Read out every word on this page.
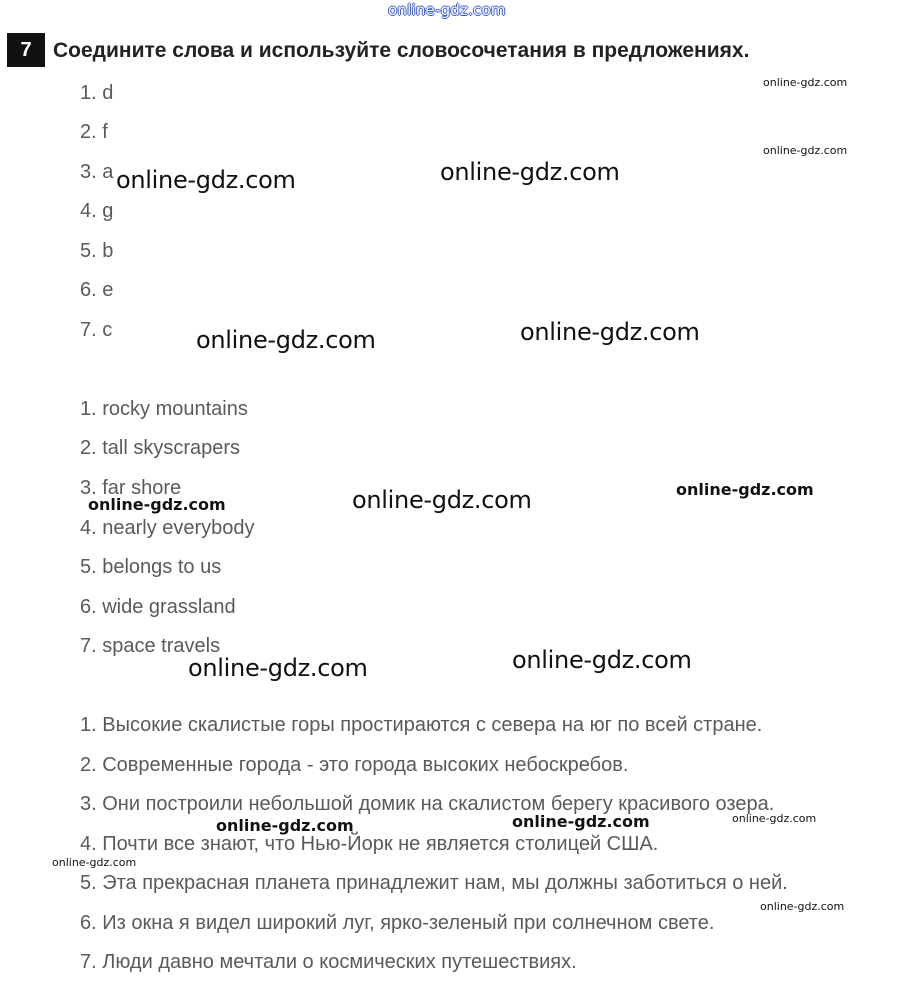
online-gdz.com
7	Соедините слова и используйте словосочетания в предложениях.
1. d
2. f
3. a
4. g
5. b
6. e
7. c
1. rocky mountains
2. tall skyscrapers
3. far shore
4. nearly everybody
5. belongs to us
6. wide grassland
7. space travels
1. Высокие скалистые горы простираются с севера на юг по всей стране.
2. Современные города - это города высоких небоскребов.
3. Они построили небольшой домик на скалистом берегу красивого озера.
4. Почти все знают, что Нью-Йорк не является столицей США.
5. Эта прекрасная планета принадлежит нам, мы должны заботиться о ней.
6. Из окна я видел широкий луг, ярко-зеленый при солнечном свете.
7. Люди давно мечтали о космических путешествиях.
online-gdz.com
online-gdz.com
online-gdz.com	online-gdz.com
online-gdz.com	online-gdz.com
online-gdz.com	online-gdz.com	online-gdz.com
online-gdz.com	online-gdz.com
online-gdz.com	online-gdz.com	online-gdz.com
online-gdz.com
online-gdz.com
